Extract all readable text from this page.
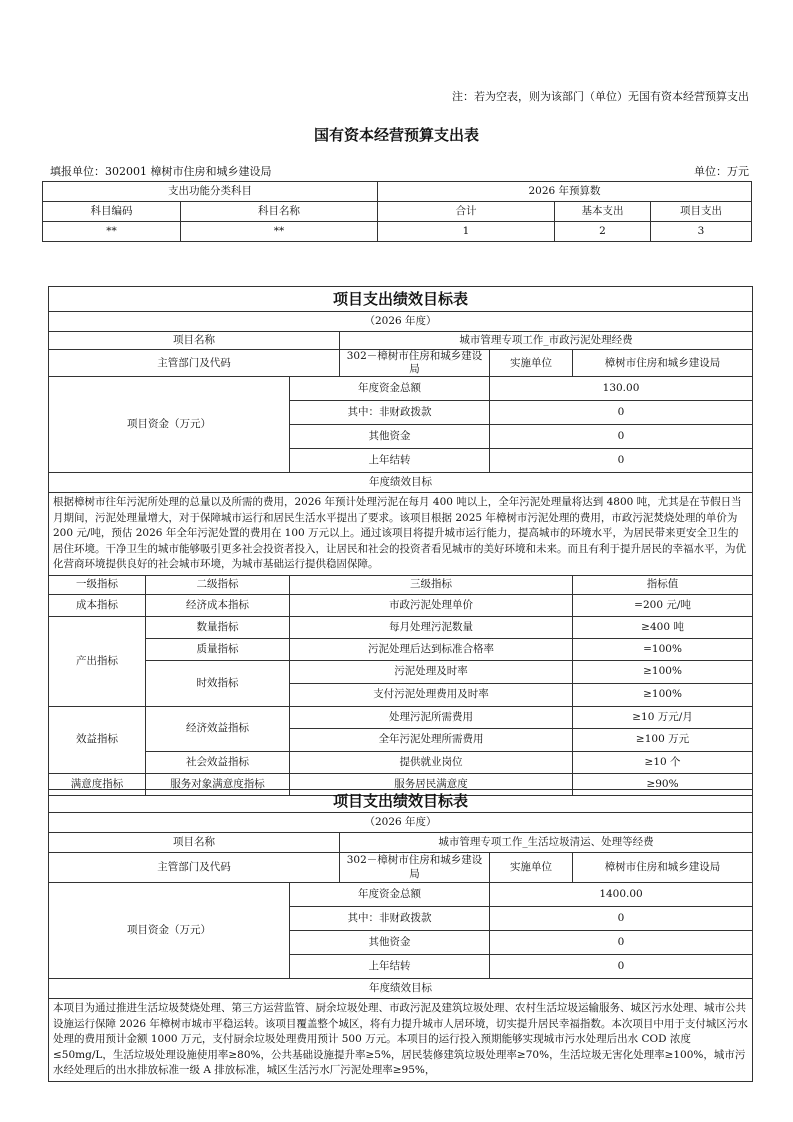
注：若为空表，则为该部门（单位）无国有资本经营预算支出
国有资本经营预算支出表
填报单位：302001 樟树市住房和城乡建设局	单位：万元
支出功能分类科目		2026 年预算数		
科目编码	科目名称	合计	基本支出	项目支出
**	**	1	2	3
项目支出绩效目标表					
（2026 年度）					
项目名称			城市管理专项工作_市政污泥处理经费		
主管部门及代码			302－樟树市住房和城乡建设局	实施单位	樟树市住房和城乡建设局
项目资金（万元）		年度资金总额		130.00	
		其中：非财政拨款		0	
		其他资金		0	
		上年结转		0	
年度绩效目标					
根据樟树市往年污泥所处理的总量以及所需的费用，2026 年预计处理污泥在每月 400 吨以上，全年污泥处理量将达到 4800 吨，尤其是在节假日当月期间，污泥处理量增大，对于保障城市运行和居民生活水平提出了要求。该项目根据 2025 年樟树市污泥处理的费用，市政污泥焚烧处理的单价为 200 元/吨，预估 2026 年全年污泥处置的费用在 100 万元以上。通过该项目将提升城市运行能力，提高城市的环境水平，为居民带来更安全卫生的居住环境。干净卫生的城市能够吸引更多社会投资者投入，让居民和社会的投资者看见城市的美好环境和未来。而且有利于提升居民的幸福水平，为优化营商环境提供良好的社会城市环境，为城市基础运行提供稳固保障。					
一级指标	二级指标	三级指标			指标值
成本指标	经济成本指标	市政污泥处理单价			=200 元/吨
产出指标	数量指标	每月处理污泥数量			≥400 吨
	质量指标	污泥处理后达到标准合格率			=100%
	时效指标	污泥处理及时率			≥100%
		支付污泥处理费用及时率			≥100%
效益指标	经济效益指标	处理污泥所需费用			≥10 万元/月
		全年污泥处理所需费用			≥100 万元
	社会效益指标	提供就业岗位			≥10 个
满意度指标	服务对象满意度指标	服务居民满意度			≥90%
项目支出绩效目标表				
（2026 年度）				
项目名称		城市管理专项工作_生活垃圾清运、处理等经费		
主管部门及代码		302－樟树市住房和城乡建设局	实施单位	樟树市住房和城乡建设局
项目资金（万元）	年度资金总额		1400.00	
	其中：非财政拨款		0	
	其他资金		0	
	上年结转		0	
年度绩效目标				
本项目为通过推进生活垃圾焚烧处理、第三方运营监管、厨余垃圾处理、市政污泥及建筑垃圾处理、农村生活垃圾运输服务、城区污水处理、城市公共设施运行保障 2026 年樟树市城市平稳运转。该项目覆盖整个城区，将有力提升城市人居环境，切实提升居民幸福指数。本次项目中用于支付城区污水处理的费用预计金额 1000 万元，支付厨余垃圾处理费用预计 500 万元。本项目的运行投入预期能够实现城市污水处理后出水 COD 浓度≤50mg/L，生活垃圾处理设施使用率≥80%，公共基础设施提升率≥5%，居民装修建筑垃圾处理率≥70%，生活垃圾无害化处理率≥100%，城市污水经处理后的出水排放标准一级 A 排放标准，城区生活污水厂污泥处理率≥95%，				
